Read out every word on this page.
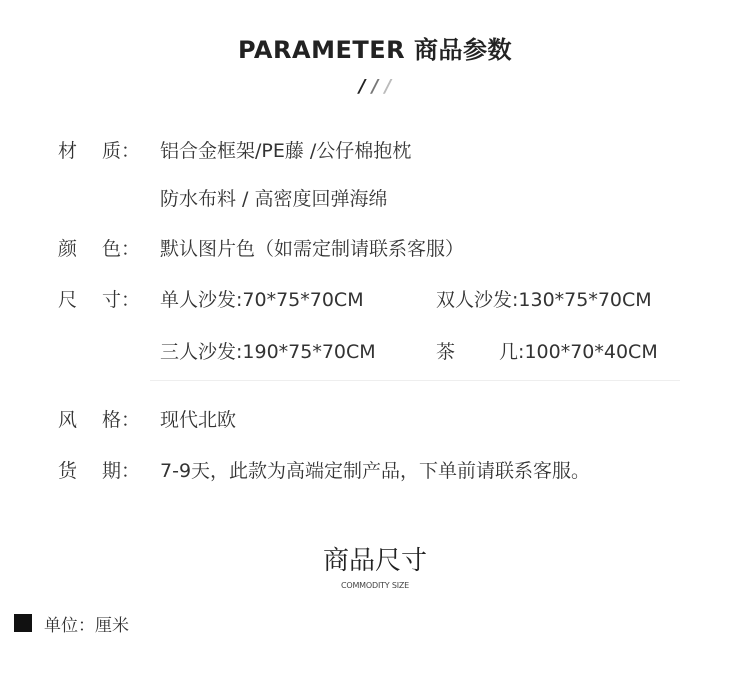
PARAMETER 商品参数
/ / /
材　 质：	铝合金框架/PE藤 /公仔棉抱枕
防水布料 / 高密度回弹海绵
颜　 色：	默认图片色（如需定制请联系客服）
尺　 寸：	单人沙发:70*75*70CM	双人沙发:130*75*70CM
三人沙发:190*75*70CM	茶　　 几:100*70*40CM
风　 格：	现代北欧
货　 期：	7-9天，此款为高端定制产品，下单前请联系客服。
商品尺寸
COMMODITY SIZE
单位：厘米
